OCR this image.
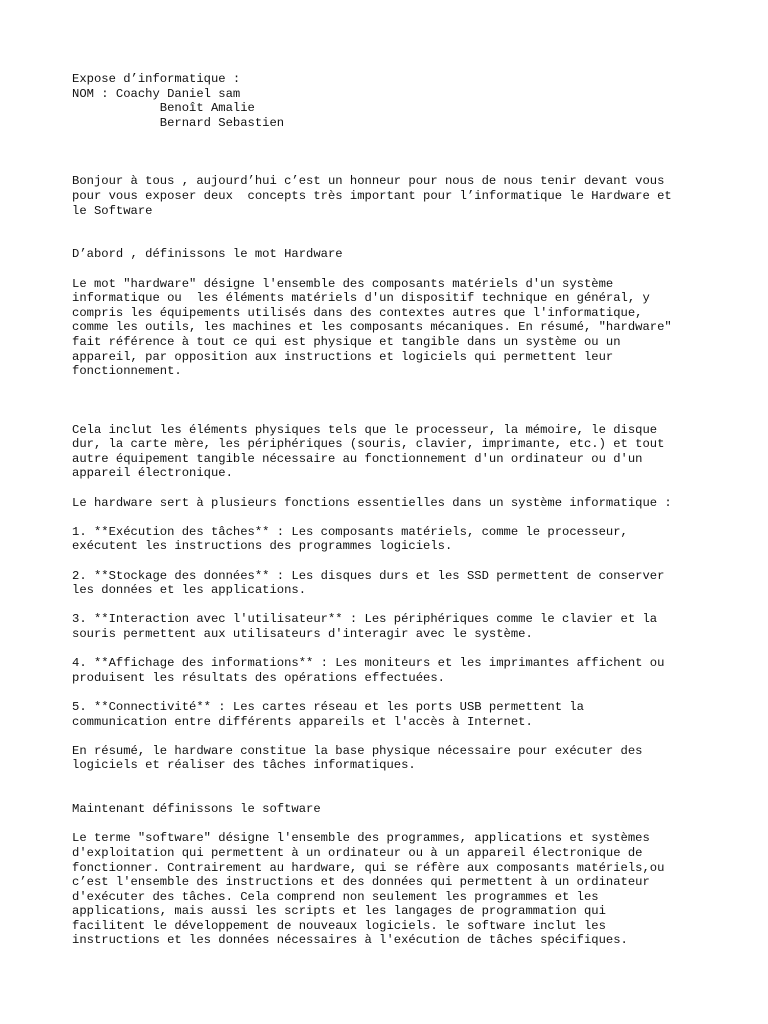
Expose d’informatique :
NOM : Coachy Daniel sam
Benoît Amalie
Bernard Sebastien
Bonjour à tous , aujourd’hui c’est un honneur pour nous de nous tenir devant vous
pour vous exposer deux  concepts très important pour l’informatique le Hardware et
le Software
D’abord , définissons le mot Hardware
Le mot "hardware" désigne l'ensemble des composants matériels d'un système
informatique ou  les éléments matériels d'un dispositif technique en général, y
compris les équipements utilisés dans des contextes autres que l'informatique,
comme les outils, les machines et les composants mécaniques. En résumé, "hardware"
fait référence à tout ce qui est physique et tangible dans un système ou un
appareil, par opposition aux instructions et logiciels qui permettent leur
fonctionnement.
Cela inclut les éléments physiques tels que le processeur, la mémoire, le disque
dur, la carte mère, les périphériques (souris, clavier, imprimante, etc.) et tout
autre équipement tangible nécessaire au fonctionnement d'un ordinateur ou d'un
appareil électronique.
Le hardware sert à plusieurs fonctions essentielles dans un système informatique :
1. **Exécution des tâches** : Les composants matériels, comme le processeur,
exécutent les instructions des programmes logiciels.
2. **Stockage des données** : Les disques durs et les SSD permettent de conserver
les données et les applications.
3. **Interaction avec l'utilisateur** : Les périphériques comme le clavier et la
souris permettent aux utilisateurs d'interagir avec le système.
4. **Affichage des informations** : Les moniteurs et les imprimantes affichent ou
produisent les résultats des opérations effectuées.
5. **Connectivité** : Les cartes réseau et les ports USB permettent la
communication entre différents appareils et l'accès à Internet.
En résumé, le hardware constitue la base physique nécessaire pour exécuter des
logiciels et réaliser des tâches informatiques.
Maintenant définissons le software
Le terme "software" désigne l'ensemble des programmes, applications et systèmes
d'exploitation qui permettent à un ordinateur ou à un appareil électronique de
fonctionner. Contrairement au hardware, qui se réfère aux composants matériels,ou
c’est l'ensemble des instructions et des données qui permettent à un ordinateur
d'exécuter des tâches. Cela comprend non seulement les programmes et les
applications, mais aussi les scripts et les langages de programmation qui
facilitent le développement de nouveaux logiciels. le software inclut les
instructions et les données nécessaires à l'exécution de tâches spécifiques.
